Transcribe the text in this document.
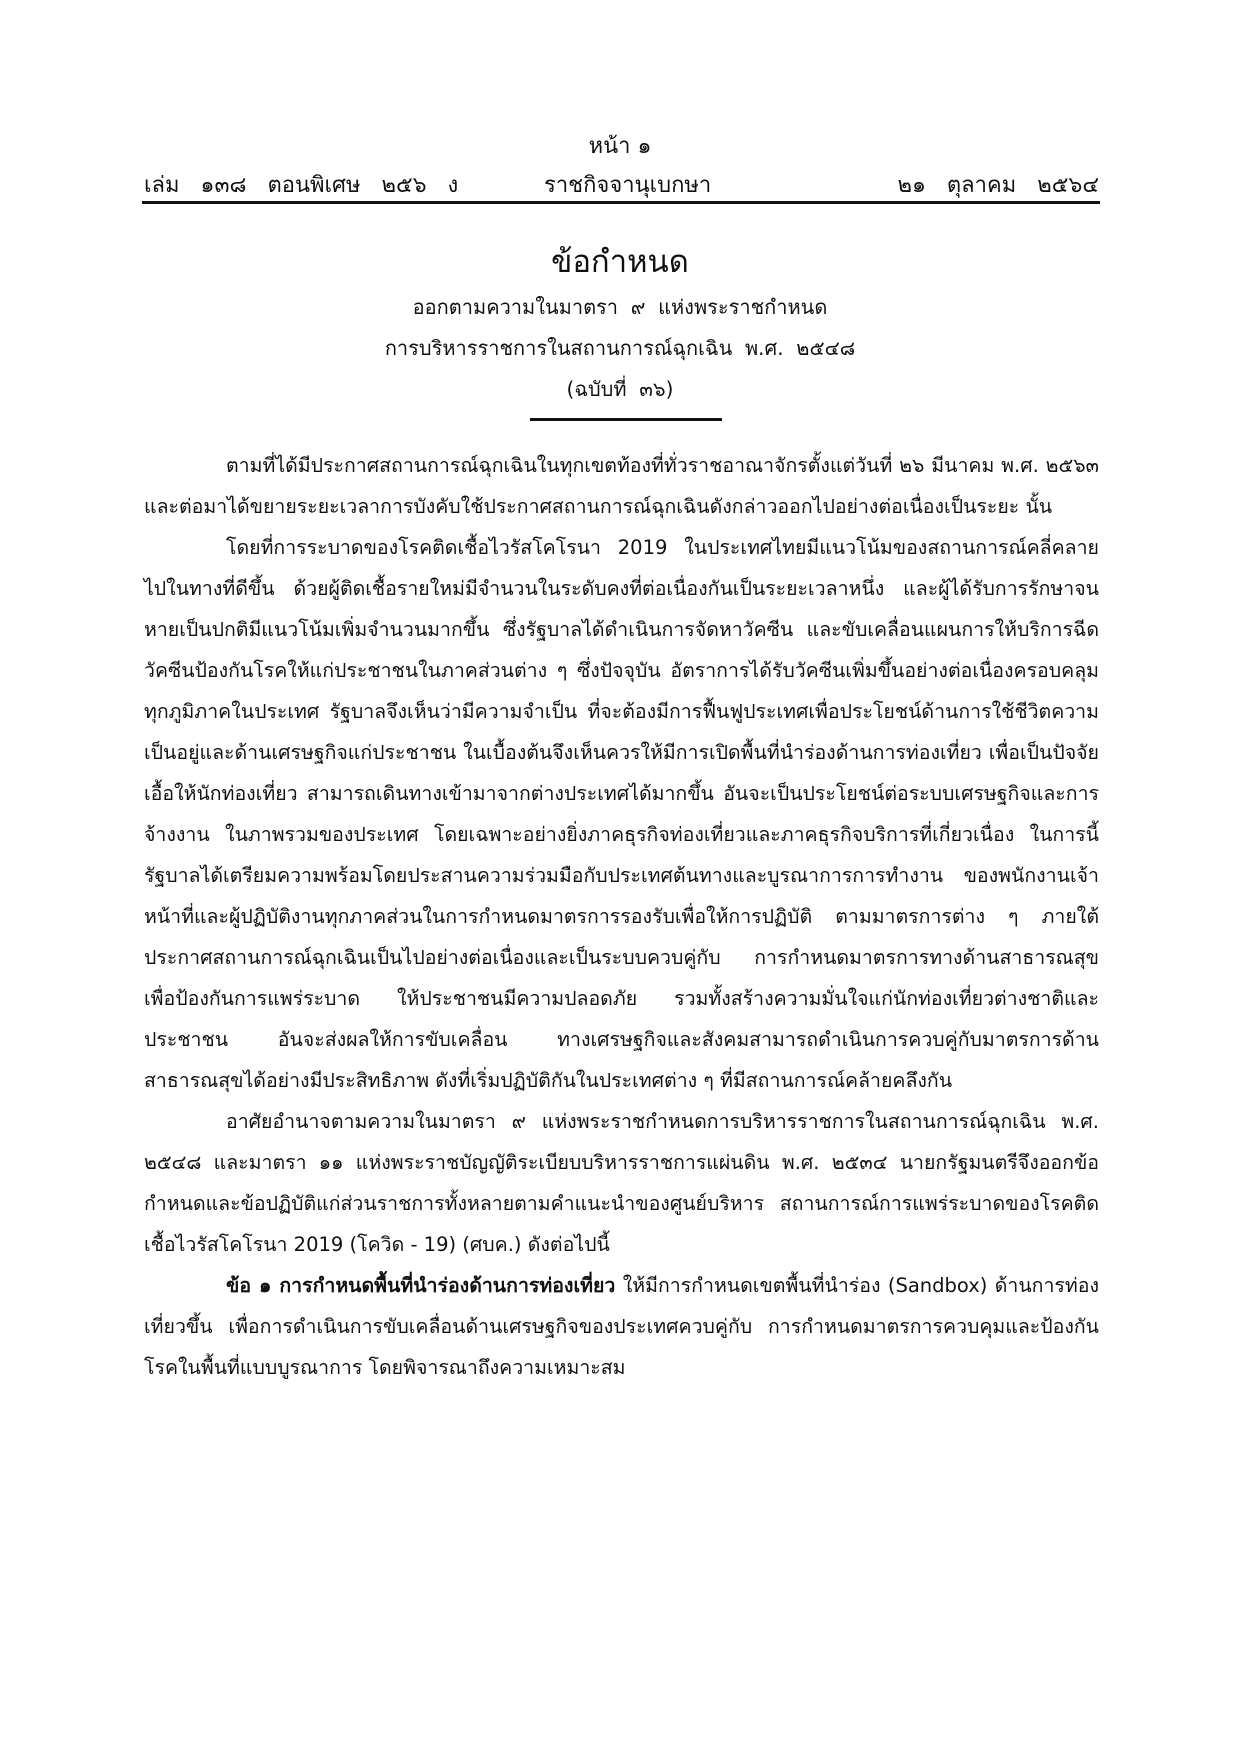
หน้า ๑
เล่ม   ๑๓๘   ตอนพิเศษ   ๒๕๖   ง	ราชกิจจานุเบกษา	๒๑   ตุลาคม   ๒๕๖๔
ข้อกำหนด
ออกตามความในมาตรา  ๙  แห่งพระราชกำหนด
การบริหารราชการในสถานการณ์ฉุกเฉิน  พ.ศ.  ๒๕๔๘
(ฉบับที่  ๓๖)

ตามที่ได้มีประกาศสถานการณ์ฉุกเฉินในทุกเขตท้องที่ทั่วราชอาณาจักรตั้งแต่วันที่ ๒๖ มีนาคม พ.ศ. ๒๕๖๓ และต่อมาได้ขยายระยะเวลาการบังคับใช้ประกาศสถานการณ์ฉุกเฉินดังกล่าวออกไปอย่างต่อเนื่องเป็นระยะ นั้น

โดยที่การระบาดของโรคติดเชื้อไวรัสโคโรนา 2019 ในประเทศไทยมีแนวโน้มของสถานการณ์คลี่คลายไปในทางที่ดีขึ้น ด้วยผู้ติดเชื้อรายใหม่มีจำนวนในระดับคงที่ต่อเนื่องกันเป็นระยะเวลาหนึ่ง และผู้ได้รับการรักษาจนหายเป็นปกติมีแนวโน้มเพิ่มจำนวนมากขึ้น ซึ่งรัฐบาลได้ดำเนินการจัดหาวัคซีน และขับเคลื่อนแผนการให้บริการฉีดวัคซีนป้องกันโรคให้แก่ประชาชนในภาคส่วนต่าง ๆ ซึ่งปัจจุบัน อัตราการได้รับวัคซีนเพิ่มขึ้นอย่างต่อเนื่องครอบคลุมทุกภูมิภาคในประเทศ รัฐบาลจึงเห็นว่ามีความจำเป็น ที่จะต้องมีการฟื้นฟูประเทศเพื่อประโยชน์ด้านการใช้ชีวิตความเป็นอยู่และด้านเศรษฐกิจแก่ประชาชน ในเบื้องต้นจึงเห็นควรให้มีการเปิดพื้นที่นำร่องด้านการท่องเที่ยว เพื่อเป็นปัจจัยเอื้อให้นักท่องเที่ยว สามารถเดินทางเข้ามาจากต่างประเทศได้มากขึ้น อันจะเป็นประโยชน์ต่อระบบเศรษฐกิจและการจ้างงาน ในภาพรวมของประเทศ โดยเฉพาะอย่างยิ่งภาคธุรกิจท่องเที่ยวและภาคธุรกิจบริการที่เกี่ยวเนื่อง ในการนี้ รัฐบาลได้เตรียมความพร้อมโดยประสานความร่วมมือกับประเทศต้นทางและบูรณาการการทำงาน ของพนักงานเจ้าหน้าที่และผู้ปฏิบัติงานทุกภาคส่วนในการกำหนดมาตรการรองรับเพื่อให้การปฏิบัติ ตามมาตรการต่าง ๆ ภายใต้ประกาศสถานการณ์ฉุกเฉินเป็นไปอย่างต่อเนื่องและเป็นระบบควบคู่กับ การกำหนดมาตรการทางด้านสาธารณสุขเพื่อป้องกันการแพร่ระบาด ให้ประชาชนมีความปลอดภัย รวมทั้งสร้างความมั่นใจแก่นักท่องเที่ยวต่างชาติและประชาชน อันจะส่งผลให้การขับเคลื่อน ทางเศรษฐกิจและสังคมสามารถดำเนินการควบคู่กับมาตรการด้านสาธารณสุขได้อย่างมีประสิทธิภาพ ดังที่เริ่มปฏิบัติกันในประเทศต่าง ๆ ที่มีสถานการณ์คล้ายคลึงกัน

อาศัยอำนาจตามความในมาตรา ๙ แห่งพระราชกำหนดการบริหารราชการในสถานการณ์ฉุกเฉิน พ.ศ. ๒๕๔๘ และมาตรา ๑๑ แห่งพระราชบัญญัติระเบียบบริหารราชการแผ่นดิน พ.ศ. ๒๕๓๔ นายกรัฐมนตรีจึงออกข้อกำหนดและข้อปฏิบัติแก่ส่วนราชการทั้งหลายตามคำแนะนำของศูนย์บริหาร สถานการณ์การแพร่ระบาดของโรคติดเชื้อไวรัสโคโรนา 2019 (โควิด - 19) (ศบค.) ดังต่อไปนี้

ข้อ ๑ การกำหนดพื้นที่นำร่องด้านการท่องเที่ยว ให้มีการกำหนดเขตพื้นที่นำร่อง (Sandbox) ด้านการท่องเที่ยวขึ้น เพื่อการดำเนินการขับเคลื่อนด้านเศรษฐกิจของประเทศควบคู่กับ การกำหนดมาตรการควบคุมและป้องกันโรคในพื้นที่แบบบูรณาการ โดยพิจารณาถึงความเหมาะสม
